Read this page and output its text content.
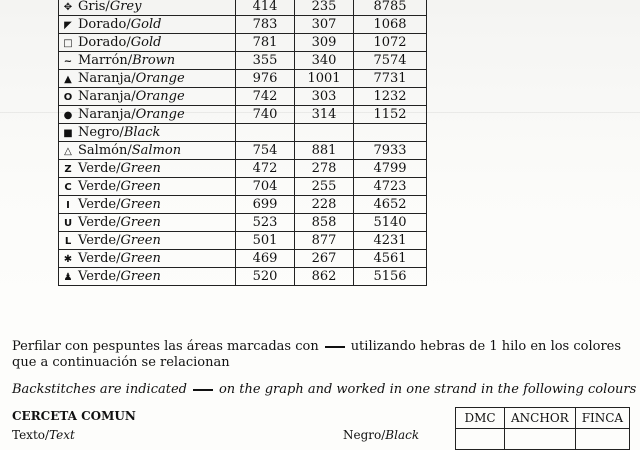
✥ Gris/Grey	414	235	8785
◤ Dorado/Gold	783	307	1068
□ Dorado/Gold	781	309	1072
~ Marrón/Brown	355	340	7574
▲ Naranja/Orange	976	1001	7731
O Naranja/Orange	742	303	1232
● Naranja/Orange	740	314	1152
■ Negro/Black			
△ Salmón/Salmon	754	881	7933
Z Verde/Green	472	278	4799
C Verde/Green	704	255	4723
I Verde/Green	699	228	4652
U Verde/Green	523	858	5140
L Verde/Green	501	877	4231
✱ Verde/Green	469	267	4561
♟ Verde/Green	520	862	5156
Perfilar con pespuntes las áreas marcadas con utilizando hebras de 1 hilo en los colores
que a continuación se relacionan
Backstitches are indicated on the graph and worked in one strand in the following colours
CERCETA COMUN
Texto/Text	Negro/Black
DMC	ANCHOR	FINCA
